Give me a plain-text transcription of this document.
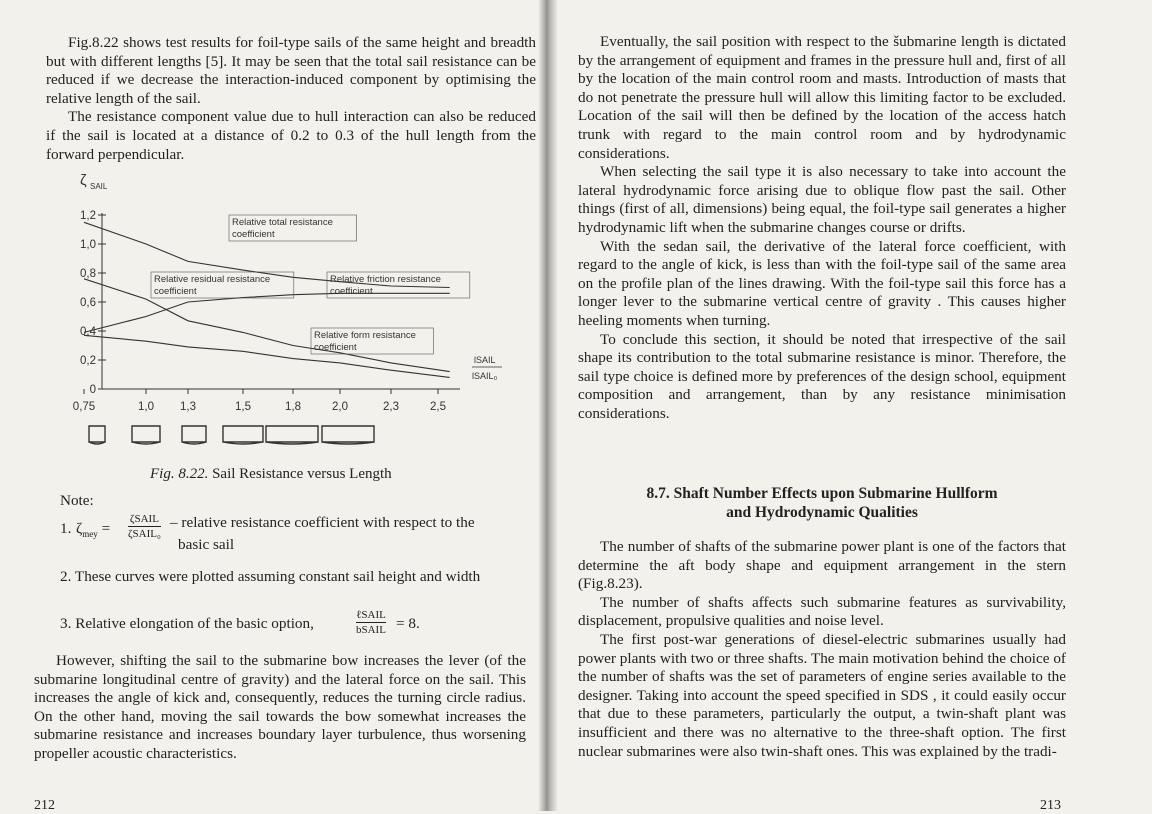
Fig.8.22 shows test results for foil-type sails of the same height and breadth but with different lengths [5]. It may be seen that the total sail resistance can be reduced if we decrease the interaction-induced component by optimising the relative length of the sail.

The resistance component value due to hull interaction can also be reduced if the sail is located at a distance of 0.2 to 0.3 of the hull length from the forward perpendicular.

1,2
1,0
0,8
0,6
0,4
0,2
0
0,75	1,0 1,3	1,5	1,8	2,0	2,3	2,5
ζ SAIL
lSAIL
lSAIL₀
Relative total resistance
coefficient
Relative residual resistance
coefficient
Relative friction resistance
coefficient
Relative form resistance
coefficient
Fig. 8.22. Sail Resistance versus Length
Note:
1. $\zeta_{mey}$ =
ζSAIL
ζSAIL₀
– relative resistance coefficient with respect to the
basic sail
2. These curves were plotted assuming constant sail height and width
3. Relative elongation of the basic option,	ℓSAIL
bSAIL = 8.

However, shifting the sail to the submarine bow increases the lever (of the submarine longitudinal centre of gravity) and the lateral force on the sail. This increases the angle of kick and, consequently, reduces the turning circle radius. On the other hand, moving the sail towards the bow somewhat increases the submarine resistance and increases boundary layer turbulence, thus worsening propeller acoustic characteristics.

212

Eventually, the sail position with respect to the šubmarine length is dictated by the arrangement of equipment and frames in the pressure hull and, first of all by the location of the main control room and masts. Introduction of masts that do not penetrate the pressure hull will allow this limiting factor to be excluded. Location of the sail will then be defined by the location of the access hatch trunk with regard to the main control room and by hydrodynamic considerations.

When selecting the sail type it is also necessary to take into account the lateral hydrodynamic force arising due to oblique flow past the sail. Other things (first of all, dimensions) being equal, the foil-type sail generates a higher hydrodynamic lift when the submarine changes course or drifts.

With the sedan sail, the derivative of the lateral force coefficient, with regard to the angle of kick, is less than with the foil-type sail of the same area on the profile plan of the lines drawing. With the foil-type sail this force has a longer lever to the submarine vertical centre of gravity . This causes higher heeling moments when turning.

To conclude this section, it should be noted that irrespective of the sail shape its contribution to the total submarine resistance is minor. Therefore, the sail type choice is defined more by preferences of the design school, equipment composition and arrangement, than by any resistance minimisation considerations.

8.7. Shaft Number Effects upon Submarine Hullform
and Hydrodynamic Qualities

The number of shafts of the submarine power plant is one of the factors that determine the aft body shape and equipment arrangement in the stern (Fig.8.23).

The number of shafts affects such submarine features as survivability, displacement, propulsive qualities and noise level.

The first post-war generations of diesel-electric submarines usually had power plants with two or three shafts. The main motivation behind the choice of the number of shafts was the set of parameters of engine series available to the designer. Taking into account the speed specified in SDS , it could easily occur that due to these parameters, particularly the output, a twin-shaft plant was insufficient and there was no alternative to the three-shaft option. The first nuclear submarines were also twin-shaft ones. This was explained by the tradi-

213
